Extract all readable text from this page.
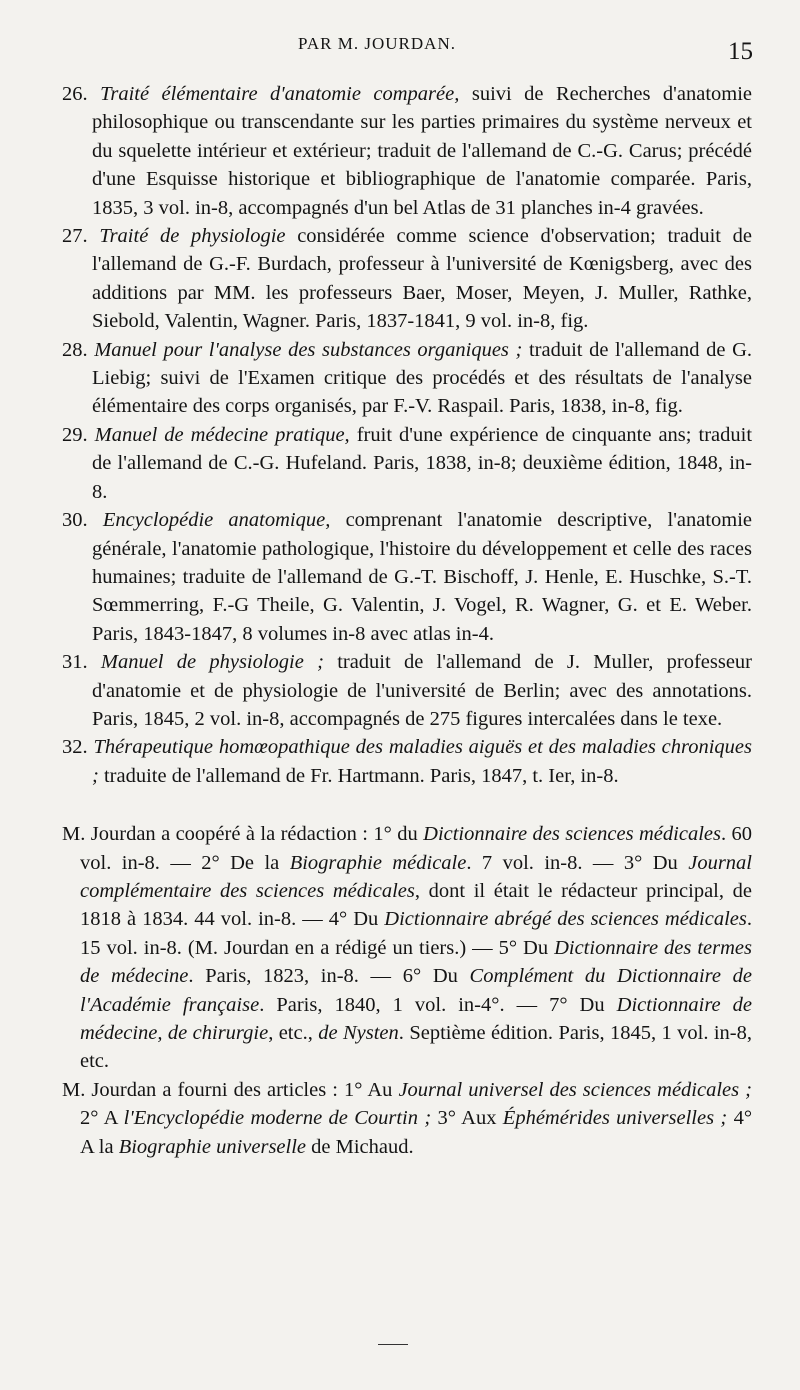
PAR M. JOURDAN.	15

26. Traité élémentaire d'anatomie comparée, suivi de Recherches d'anatomie philosophique ou transcendante sur les parties primaires du système nerveux et du squelette intérieur et extérieur; traduit de l'allemand de C.-G. Carus; précédé d'une Esquisse historique et bibliographique de l'anatomie comparée. Paris, 1835, 3 vol. in-8, accompagnés d'un bel Atlas de 31 planches in-4 gravées.

27. Traité de physiologie considérée comme science d'observation; traduit de l'allemand de G.-F. Burdach, professeur à l'université de Kœnigsberg, avec des additions par MM. les professeurs Baer, Moser, Meyen, J. Muller, Rathke, Siebold, Valentin, Wagner. Paris, 1837-1841, 9 vol. in-8, fig.

28. Manuel pour l'analyse des substances organiques ; traduit de l'allemand de G. Liebig; suivi de l'Examen critique des procédés et des résultats de l'analyse élémentaire des corps organisés, par F.-V. Raspail. Paris, 1838, in-8, fig.

29. Manuel de médecine pratique, fruit d'une expérience de cinquante ans; traduit de l'allemand de C.-G. Hufeland. Paris, 1838, in-8; deuxième édition, 1848, in-8.

30. Encyclopédie anatomique, comprenant l'anatomie descriptive, l'anatomie générale, l'anatomie pathologique, l'histoire du développement et celle des races humaines; traduite de l'allemand de G.-T. Bischoff, J. Henle, E. Huschke, S.-T. Sœmmerring, F.-G Theile, G. Valentin, J. Vogel, R. Wagner, G. et E. Weber. Paris, 1843-1847, 8 volumes in-8 avec atlas in-4.

31. Manuel de physiologie ; traduit de l'allemand de J. Muller, professeur d'anatomie et de physiologie de l'université de Berlin; avec des annotations. Paris, 1845, 2 vol. in-8, accompagnés de 275 figures intercalées dans le texe.

32. Thérapeutique homœopathique des maladies aiguës et des maladies chroniques ; traduite de l'allemand de Fr. Hartmann. Paris, 1847, t. Ier, in-8.

M. Jourdan a coopéré à la rédaction : 1° du Dictionnaire des sciences médicales. 60 vol. in-8. — 2° De la Biographie médicale. 7 vol. in-8. — 3° Du Journal complémentaire des sciences médicales, dont il était le rédacteur principal, de 1818 à 1834. 44 vol. in-8. — 4° Du Dictionnaire abrégé des sciences médicales. 15 vol. in-8. (M. Jourdan en a rédigé un tiers.) — 5° Du Dictionnaire des termes de médecine. Paris, 1823, in-8. — 6° Du Complément du Dictionnaire de l'Académie française. Paris, 1840, 1 vol. in-4°. — 7° Du Dictionnaire de médecine, de chirurgie, etc., de Nysten. Septième édition. Paris, 1845, 1 vol. in-8, etc.

M. Jourdan a fourni des articles : 1° Au Journal universel des sciences médicales ; 2° A l'Encyclopédie moderne de Courtin ; 3° Aux Éphémérides universelles ; 4° A la Biographie universelle de Michaud.
